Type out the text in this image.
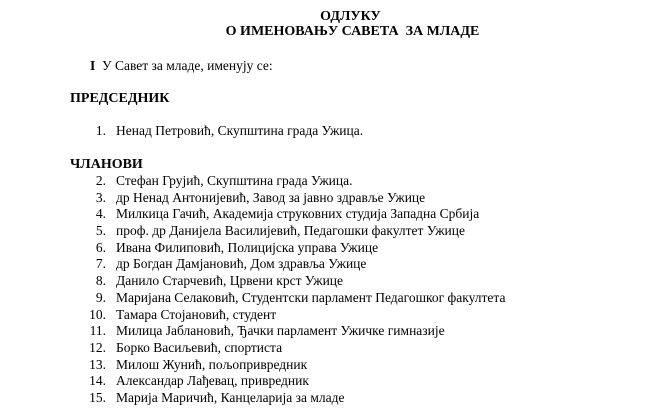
ОДЛУКУ
О ИМЕНОВАЊУ САВЕТА  ЗА МЛАДЕ
I У Савет за младе, именују се:
ПРЕДСЕДНИК
1. Ненад Петровић, Скупштина града Ужица.
ЧЛАНОВИ
2. Стефан Грујић, Скупштина града Ужица.
3. др Ненад Антонијевић, Завод за јавно здравље Ужице
4. Милкица Гачић, Академија струковних студија Западна Србија
5. проф. др Данијела Василијевић, Педагошки факултет Ужице
6. Ивана Филиповић, Полицијска управа Ужице
7. др Богдан Дамјановић, Дом здравља Ужице
8. Данило Старчевић, Црвени крст Ужице
9. Маријана Селаковић, Студентски парламент Педагошког факултета
10. Тамара Стојановић, студент
11. Милица Јаблановић, Ђачки парламент Ужичке гимназије
12. Борко Васиљевић, спортиста
13. Милош Жунић, пољопривредник
14. Александар Лађевац, привредник
15. Марија Маричић, Канцеларија за младе
